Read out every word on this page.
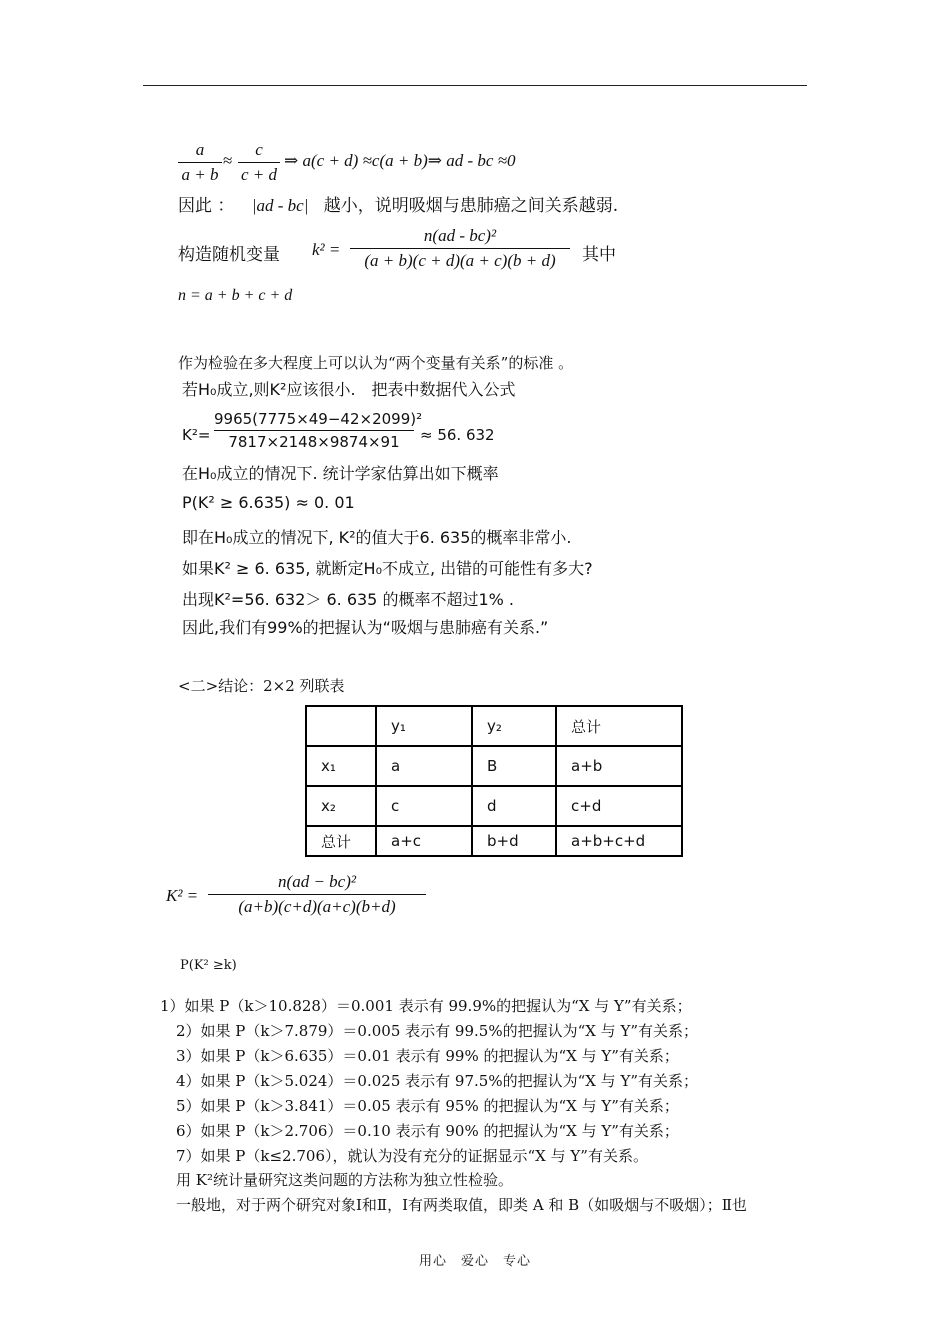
a
a + b
≈
c
c + d
⇒ a(c + d) ≈c(a + b)⇒ ad - bc ≈0
因此 ： |ad - bc| 越小，说明吸烟与患肺癌之间关系越弱.
构造随机变量 k² =
n(ad - bc)²
(a + b)(c + d)(a + c)(b + d)	其中
n = a + b + c + d
作为检验在多大程度上可以认为“两个变量有关系”的标准 。
若H₀成立,则K²应该很小.　把表中数据代入公式
K²=
9965(7775×49−42×2099)²
7817×2148×9874×91	≈ 56. 632
在H₀成立的情况下. 统计学家估算出如下概率
P(K² ≥ 6.635) ≈ 0. 01
即在H₀成立的情况下, K²的值大于6. 635的概率非常小.
如果K² ≥ 6. 635, 就断定H₀不成立, 出错的可能性有多大?
出现K²=56. 632＞ 6. 635 的概率不超过1% .
因此,我们有99%的把握认为“吸烟与患肺癌有关系.”
<二>结论：2×2 列联表
	y₁	y₂	总计
x₁	a	B	a+b
x₂	c	d	c+d
总计	a+c	b+d	a+b+c+d
K² =
n(ad − bc)²
(a+b)(c+d)(a+c)(b+d)
P(K² ≥k)
1）如果 P（k＞10.828）＝0.001 表示有 99.9%的把握认为“X 与 Y”有关系；
2）如果 P（k＞7.879）＝0.005 表示有 99.5%的把握认为“X 与 Y”有关系；
3）如果 P（k＞6.635）＝0.01 表示有 99% 的把握认为“X 与 Y”有关系；
4）如果 P（k＞5.024）＝0.025 表示有 97.5%的把握认为“X 与 Y”有关系；
5）如果 P（k＞3.841）＝0.05 表示有 95% 的把握认为“X 与 Y”有关系；
6）如果 P（k＞2.706）＝0.10 表示有 90% 的把握认为“X 与 Y”有关系；
7）如果 P（k≤2.706），就认为没有充分的证据显示“X 与 Y”有关系。
用 K²统计量研究这类问题的方法称为独立性检验。
一般地，对于两个研究对象Ⅰ和Ⅱ，Ⅰ有两类取值，即类 A 和 B（如吸烟与不吸烟）；Ⅱ也
用心　爱心　专心
